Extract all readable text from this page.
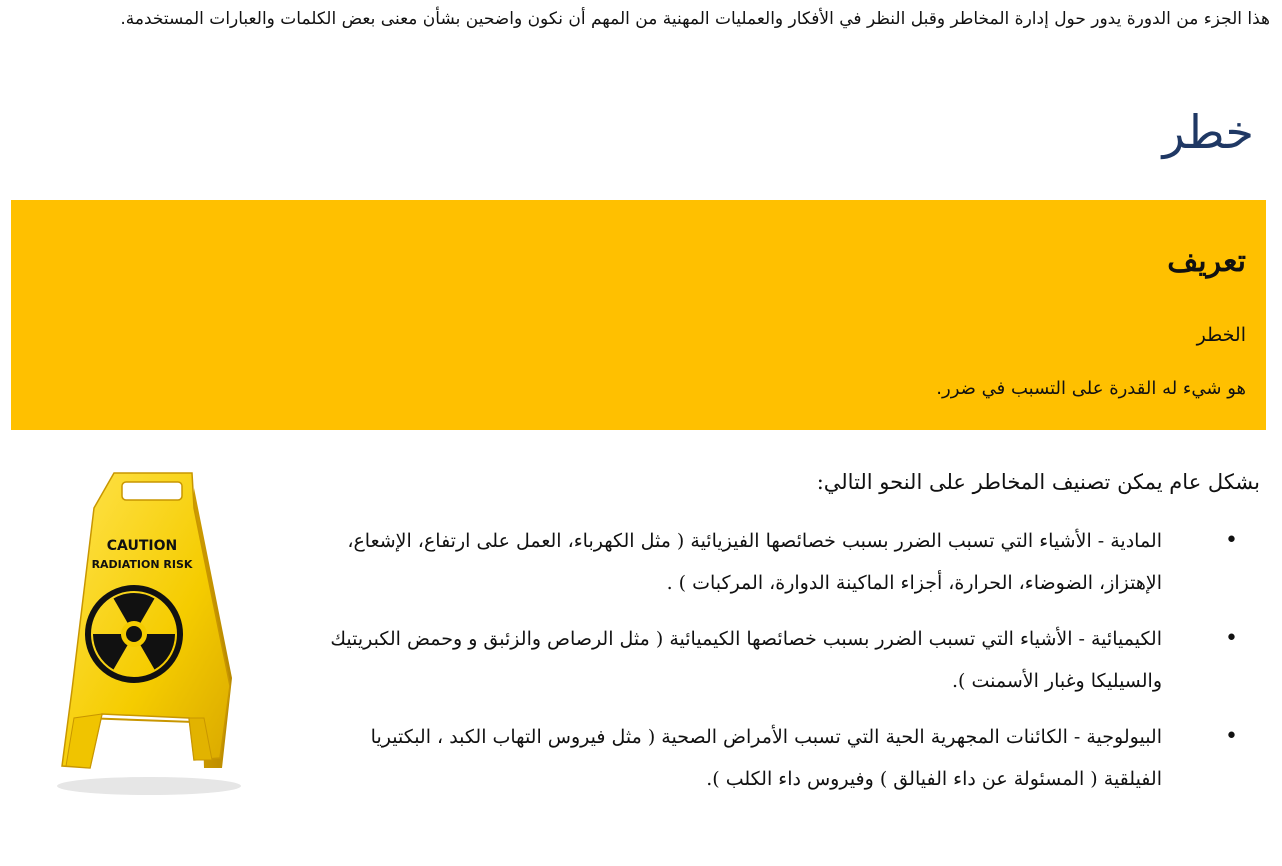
هذا الجزء من الدورة يدور حول إدارة المخاطر وقبل النظر في الأفكار والعمليات المهنية من المهم أن نكون واضحين بشأن معنى بعض الكلمات والعبارات المستخدمة.

خطر
تعريف

الخطر

هو شيء له القدرة على التسبب في ضرر.

بشكل عام يمكن تصنيف المخاطر على النحو التالي:

•
المادية - الأشياء التي تسبب الضرر بسبب خصائصها الفيزيائية ( مثل الكهرباء، العمل على ارتفاع، الإشعاع، الإهتزاز، الضوضاء، الحرارة، أجزاء الماكينة الدوارة، المركبات ) .
•
الكيميائية - الأشياء التي تسبب الضرر بسبب خصائصها الكيميائية ( مثل الرصاص والزئبق و وحمض الكبريتيك والسيليكا وغبار الأسمنت ).
•
البيولوجية - الكائنات المجهرية الحية التي تسبب الأمراض الصحية ( مثل فيروس التهاب الكبد ، البكتيريا الفيلقية ( المسئولة عن داء الفيالق ) وفيروس داء الكلب ).
CAUTION
RADIATION RISK
